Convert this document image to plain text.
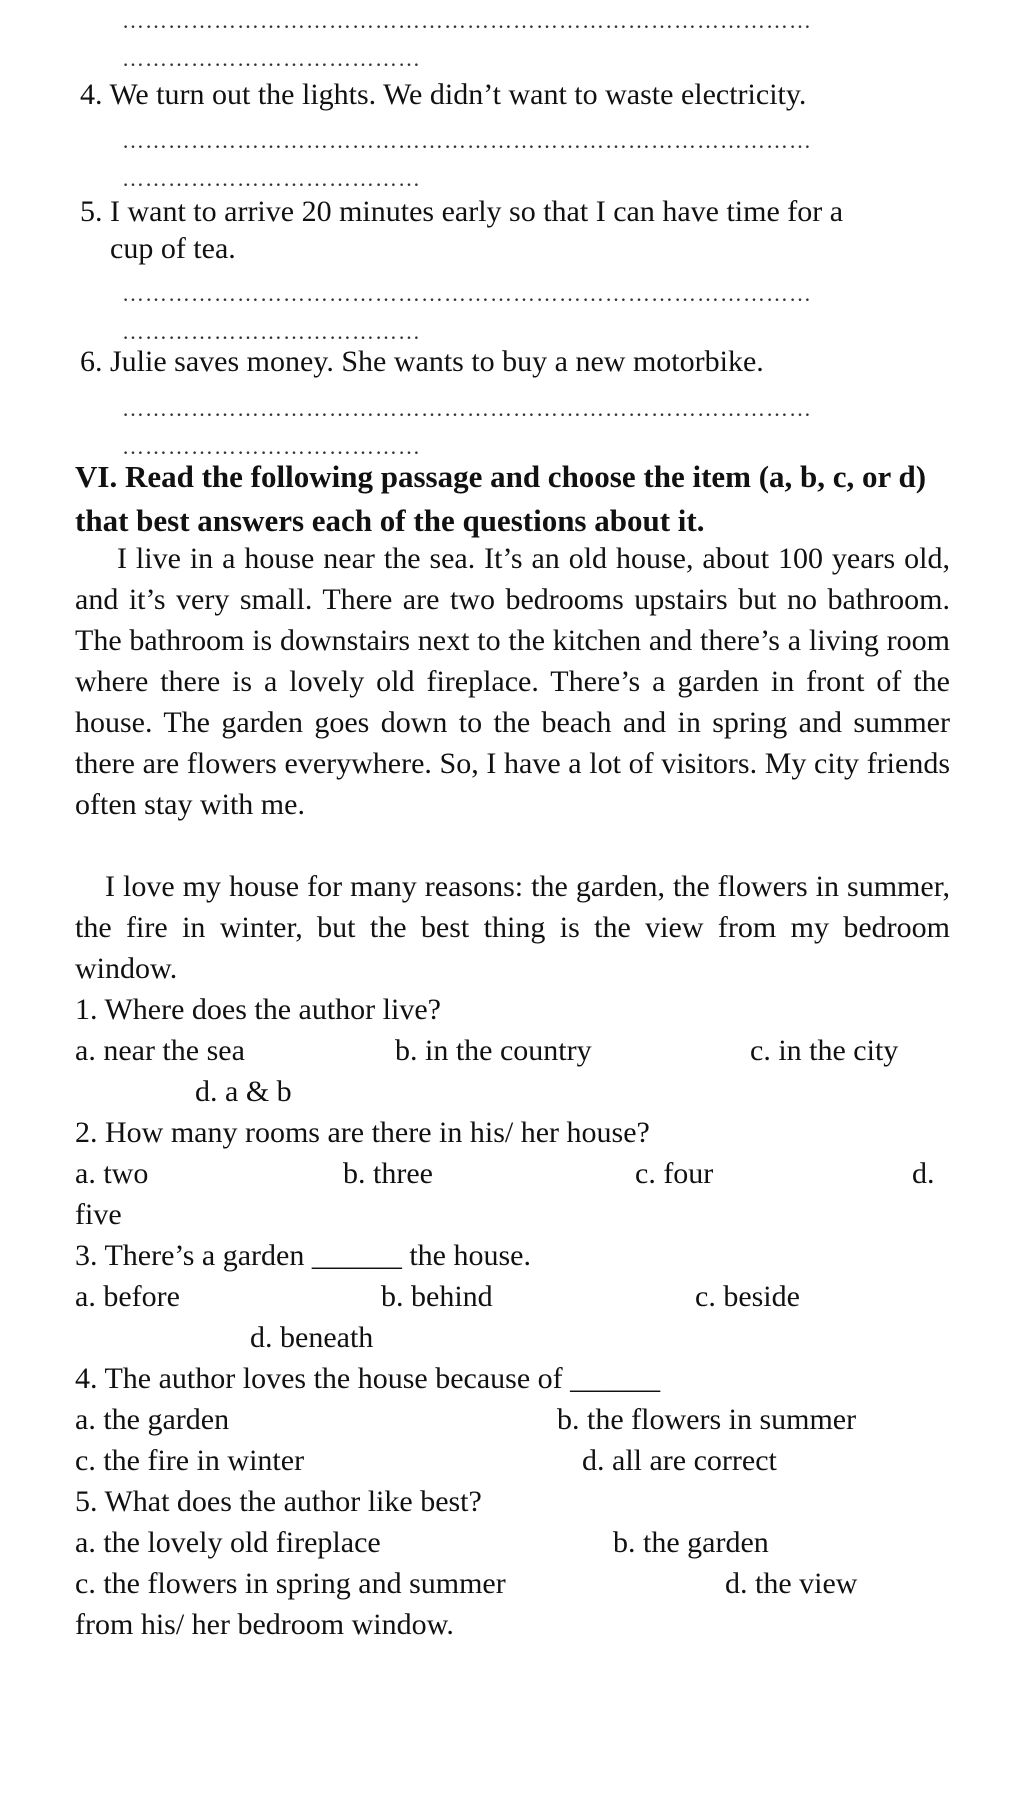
………………………………………………………………………………
…………………………………

4. We turn out the lights. We didn’t want to waste electricity.

………………………………………………………………………………
…………………………………

5. I want to arrive 20 minutes early so that I can have time for a

cup of tea.

………………………………………………………………………………
…………………………………

6. Julie saves money. She wants to buy a new motorbike.

………………………………………………………………………………
…………………………………

VI. Read the following passage and choose the item (a, b, c, or d) that best answers each of the questions about it.

I live in a house near the sea. It’s an old house, about 100 years old, and it’s very small. There are two bedrooms upstairs but no bathroom. The bathroom is downstairs next to the kitchen and there’s a living room where there is a lovely old fireplace. There’s a garden in front of the house. The garden goes down to the beach and in spring and summer there are flowers everywhere. So, I have a lot of visitors. My city friends often stay with me.

I love my house for many reasons: the garden, the flowers in summer, the fire in winter, but the best thing is the view from my bedroom window.

1. Where does the author live?

a. near the sea	b. in the country	c. in the city

d. a & b

2. How many rooms are there in his/ her house?

a. two	b. three	c. four	d.

five

3. There’s a garden ______ the house.

a. before	b. behind	c. beside

d. beneath

4. The author loves the house because of ______

a. the garden	b. the flowers in summer

c. the fire in winter	d. all are correct

5. What does the author like best?

a. the lovely old fireplace	b. the garden

c. the flowers in spring and summer	d. the view

from his/ her bedroom window.
